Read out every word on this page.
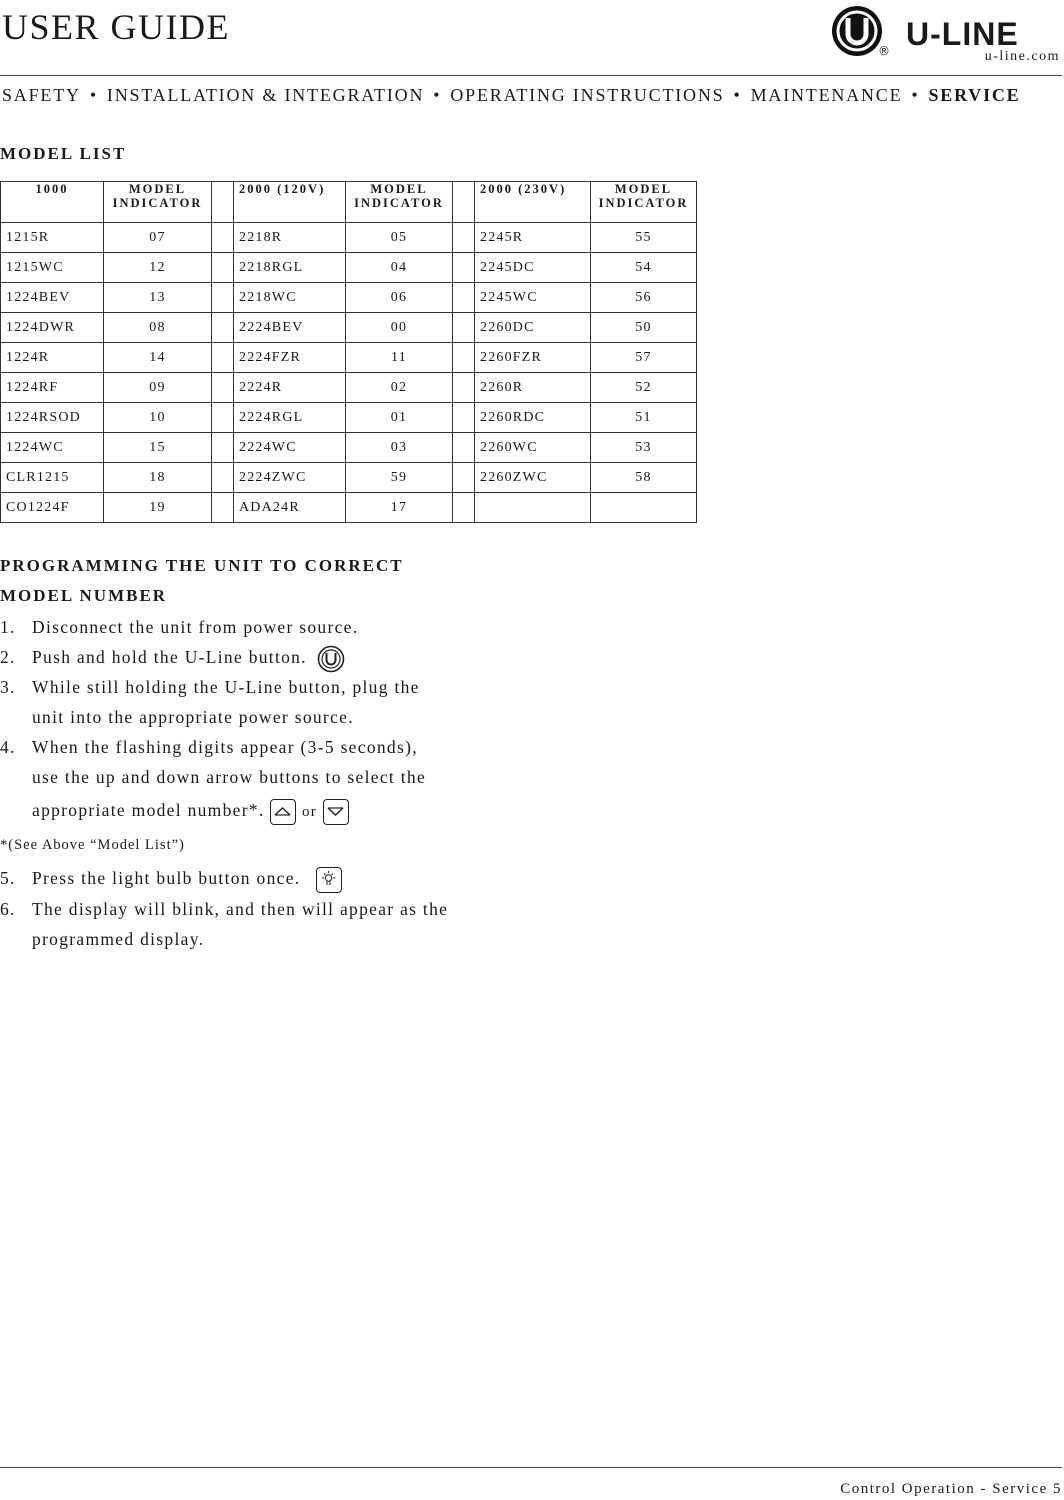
USER GUIDE
® U-LINE
u-line.com
SAFETY • INSTALLATION & INTEGRATION • OPERATING INSTRUCTIONS • MAINTENANCE • SERVICE
MODEL LIST
1000	MODEL INDICATOR		2000 (120V)	MODEL INDICATOR		2000 (230V)	MODEL INDICATOR
1215R	07		2218R	05		2245R	55
1215WC	12		2218RGL	04		2245DC	54
1224BEV	13		2218WC	06		2245WC	56
1224DWR	08		2224BEV	00		2260DC	50
1224R	14		2224FZR	11		2260FZR	57
1224RF	09		2224R	02		2260R	52
1224RSOD	10		2224RGL	01		2260RDC	51
1224WC	15		2224WC	03		2260WC	53
CLR1215	18		2224ZWC	59		2260ZWC	58
CO1224F	19		ADA24R	17			
PROGRAMMING THE UNIT TO CORRECT
MODEL NUMBER
1. Disconnect the unit from power source.
2. Push and hold the U-Line button.
3. While still holding the U-Line button, plug the
unit into the appropriate power source.
4. When the flashing digits appear (3-5 seconds),
use the up and down arrow buttons to select the
appropriate model number*. or
*(See Above “Model List”)
5. Press the light bulb button once.
6. The display will blink, and then will appear as the
programmed display.
Control Operation - Service 5
